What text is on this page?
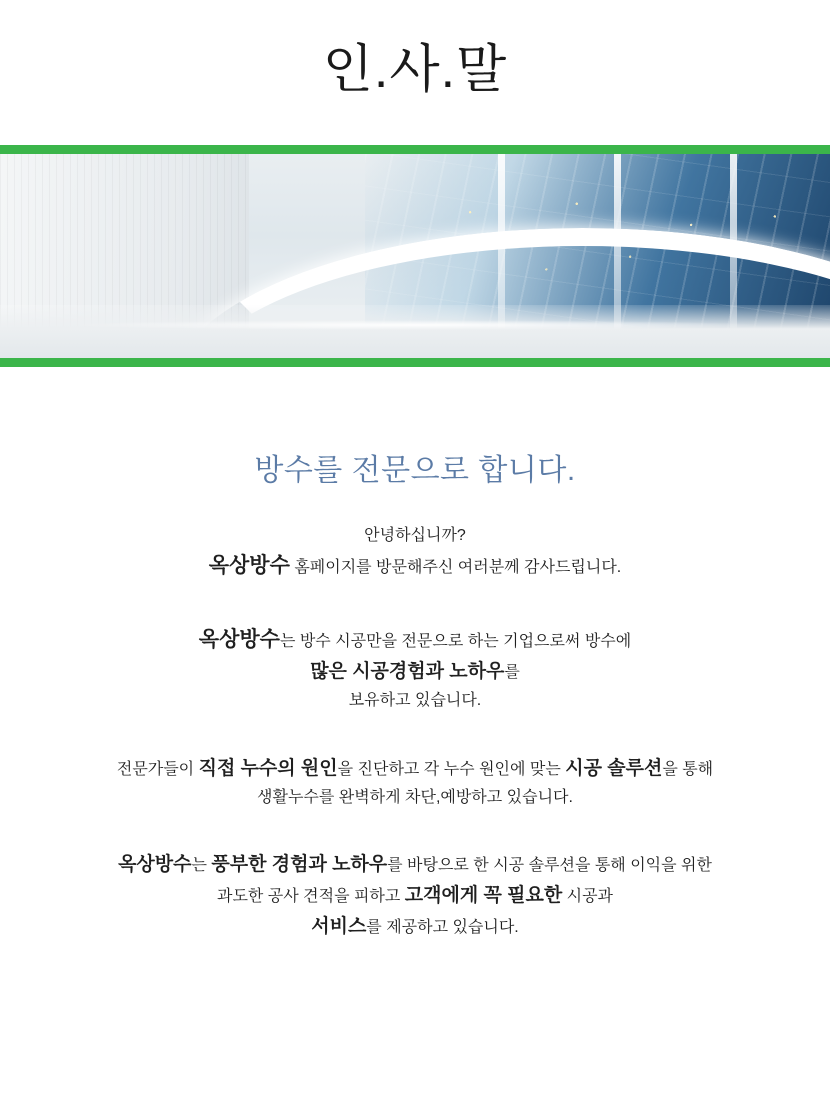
인.사.말
방수를 전문으로 합니다.
안녕하십니까?
옥상방수 홈페이지를 방문해주신 여러분께 감사드립니다.
옥상방수는 방수 시공만을 전문으로 하는 기업으로써 방수에
많은 시공경험과 노하우를
보유하고 있습니다.
전문가들이 직접 누수의 원인을 진단하고 각 누수 원인에 맞는 시공 솔루션을 통해
생활누수를 완벽하게 차단,예방하고 있습니다.
옥상방수는 풍부한 경험과 노하우를 바탕으로 한 시공 솔루션을 통해 이익을 위한
과도한 공사 견적을 피하고 고객에게 꼭 필요한 시공과
서비스를 제공하고 있습니다.
